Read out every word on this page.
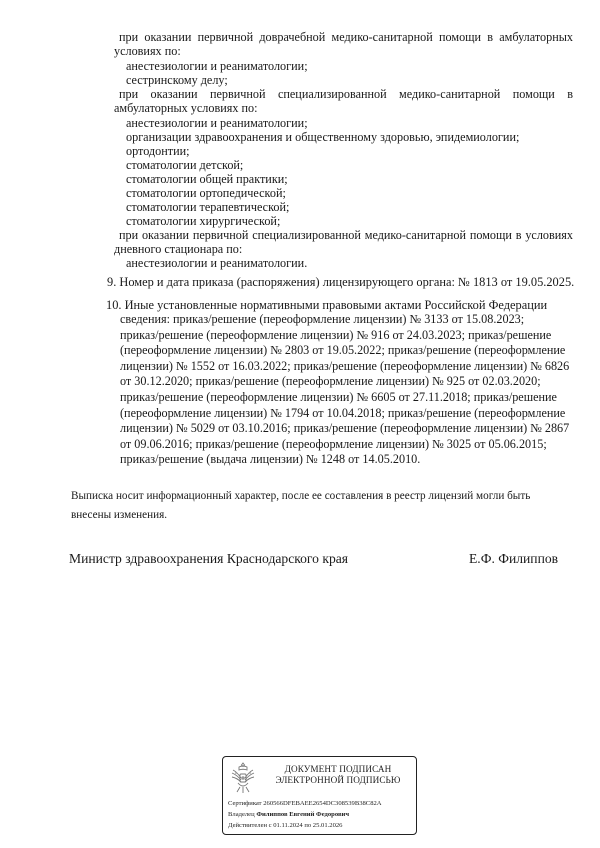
при оказании первичной доврачебной медико-санитарной помощи в амбулаторных
условиях по:
анестезиологии и реаниматологии;
сестринскому делу;
при оказании первичной специализированной медико-санитарной помощи в
амбулаторных условиях по:
анестезиологии и реаниматологии;
организации здравоохранения и общественному здоровью, эпидемиологии;
ортодонтии;
стоматологии детской;
стоматологии общей практики;
стоматологии ортопедической;
стоматологии терапевтической;
стоматологии хирургической;
при оказании первичной специализированной медико-санитарной помощи в условиях
дневного стационара по:
анестезиологии и реаниматологии.
9. Номер и дата приказа (распоряжения) лицензирующего органа: № 1813 от 19.05.2025.
10. Иные установленные нормативными правовыми актами Российской Федерации
сведения: приказ/решение (переоформление лицензии) № 3133 от 15.08.2023;
приказ/решение (переоформление лицензии) № 916 от 24.03.2023; приказ/решение
(переоформление лицензии) № 2803 от 19.05.2022; приказ/решение (переоформление
лицензии) № 1552 от 16.03.2022; приказ/решение (переоформление лицензии) № 6826
от 30.12.2020; приказ/решение (переоформление лицензии) № 925 от 02.03.2020;
приказ/решение (переоформление лицензии) № 6605 от 27.11.2018; приказ/решение
(переоформление лицензии) № 1794 от 10.04.2018; приказ/решение (переоформление
лицензии) № 5029 от 03.10.2016; приказ/решение (переоформление лицензии) № 2867
от 09.06.2016; приказ/решение (переоформление лицензии) № 3025 от 05.06.2015;
приказ/решение (выдача лицензии) № 1248 от 14.05.2010.
Выписка носит информационный характер, после ее составления в реестр лицензий могли быть
внесены изменения.
Министр здравоохранения Краснодарского края	Е.Ф. Филиппов
ДОКУМЕНТ ПОДПИСАН
ЭЛЕКТРОННОЙ ПОДПИСЬЮ
Сертификат 260566DFEBAEE2654DC308539B38C82A
Владелец Филиппов Евгений Федорович
Действителен с 01.11.2024 по 25.01.2026
